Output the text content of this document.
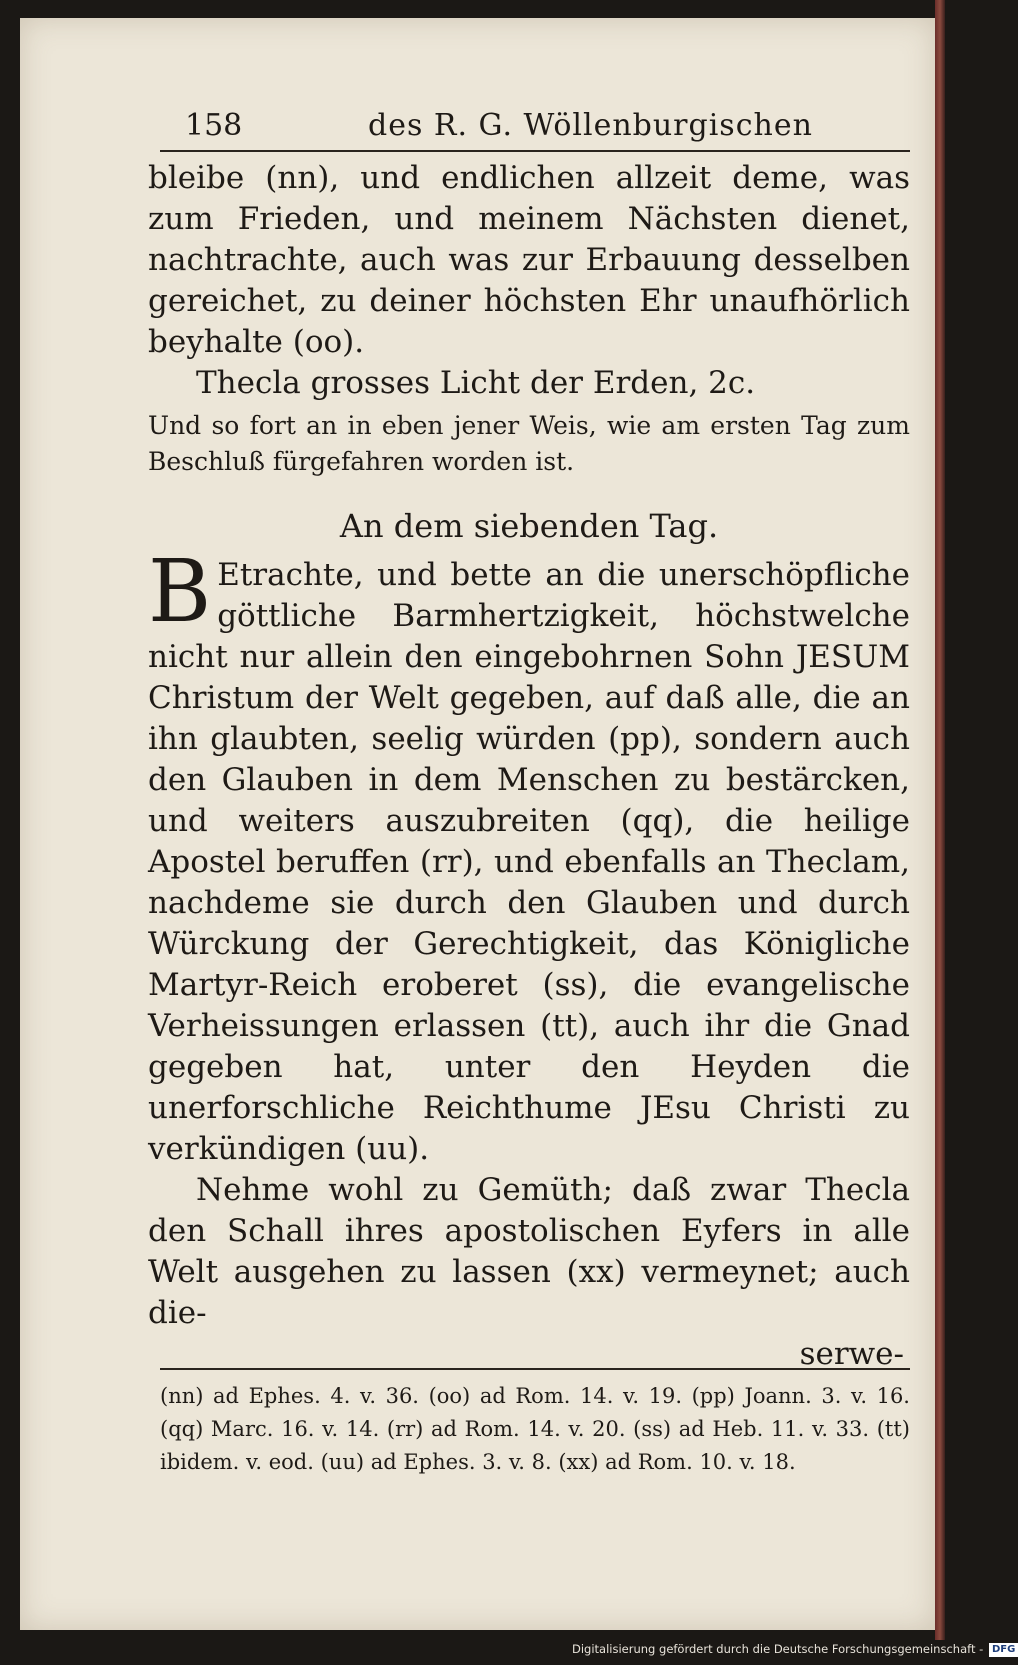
158	des R. G. Wöllenburgischen

bleibe (nn), und endlichen allzeit deme, was zum Frieden, und meinem Nächsten dienet, nachtrachte, auch was zur Erbauung desselben gereichet, zu deiner höchsten Ehr unaufhörlich beyhalte (oo).

Thecla grosses Licht der Erden, 2c.

Und so fort an in eben jener Weis, wie am ersten Tag zum Beschluß fürgefahren worden ist.

An dem siebenden Tag.

B Etrachte, und bette an die unerschöpfliche göttliche Barmhertzigkeit, höchstwelche nicht nur allein den eingebohrnen Sohn JESUM Christum der Welt gegeben, auf daß alle, die an ihn glaubten, seelig würden (pp), sondern auch den Glauben in dem Menschen zu bestärcken, und weiters auszubreiten (qq), die heilige Apostel beruffen (rr), und ebenfalls an Theclam, nachdeme sie durch den Glauben und durch Würckung der Gerechtigkeit, das Königliche Martyr-Reich eroberet (ss), die evangelische Verheissungen erlassen (tt), auch ihr die Gnad gegeben hat, unter den Heyden die unerforschliche Reichthume JEsu Christi zu verkündigen (uu).

Nehme wohl zu Gemüth; daß zwar Thecla den Schall ihres apostolischen Eyfers in alle Welt ausgehen zu lassen (xx) vermeynet; auch die-

serwe-

(nn) ad Ephes. 4. v. 36. (oo) ad Rom. 14. v. 19. (pp) Joann. 3. v. 16. (qq) Marc. 16. v. 14. (rr) ad Rom. 14. v. 20. (ss) ad Heb. 11. v. 33. (tt) ibidem. v. eod. (uu) ad Ephes. 3. v. 8. (xx) ad Rom. 10. v. 18.
Digitalisierung gefördert durch die Deutsche Forschungsgemeinschaft - DFG
